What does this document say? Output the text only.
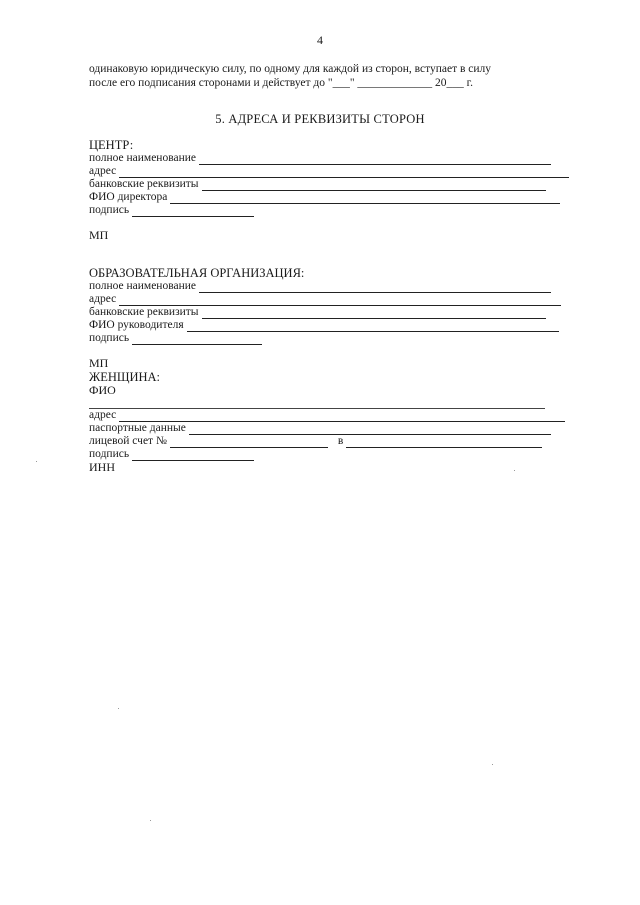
4
одинаковую юридическую силу, по одному для каждой из сторон, вступает в силу
после его подписания сторонами и действует до "___" _____________ 20___ г.
5. АДРЕСА И РЕКВИЗИТЫ СТОРОН
ЦЕНТР:
полное наименование
адрес
банковские реквизиты
ФИО директора
подпись
МП
ОБРАЗОВАТЕЛЬНАЯ ОРГАНИЗАЦИЯ:
полное наименование
адрес
банковские реквизиты
ФИО руководителя
подпись
МП
ЖЕНЩИНА:
ФИО
адрес
паспортные данные
лицевой счет №	в
подпись
ИНН
